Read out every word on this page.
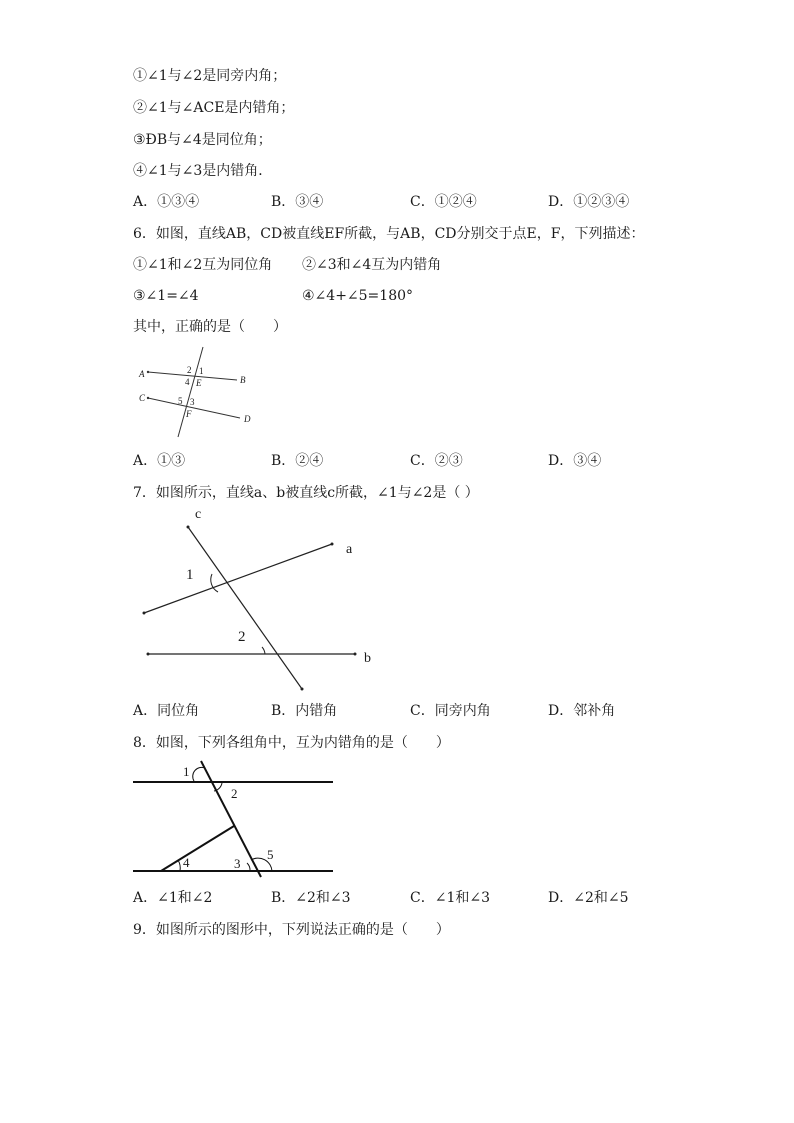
①∠1与∠2是同旁内角；
②∠1与∠ACE是内错角；
③ÐB与∠4是同位角；
④∠1与∠3是内错角．
A．①③④	B．③④	C．①②④	D．①②③④
6．如图，直线AB，CD被直线EF所截，与AB，CD分别交于点E，F，下列描述：
①∠1和∠2互为同位角 ②∠3和∠4互为内错角
③∠1=∠4	④∠4+∠5=180°
其中，正确的是（　　）
A
B
C
D
E
F
2 1
4
5 3
A．①③	B．②④	C．②③	D．③④
7．如图所示，直线a、b被直线c所截，∠1与∠2是（ ）
c
a
b
1
2
A．同位角	B．内错角	C．同旁内角	D．邻补角
8．如图，下列各组角中，互为内错角的是（　　）
1
2
4	3
5
A．∠1和∠2	B．∠2和∠3	C．∠1和∠3	D．∠2和∠5
9．如图所示的图形中，下列说法正确的是（　　）
